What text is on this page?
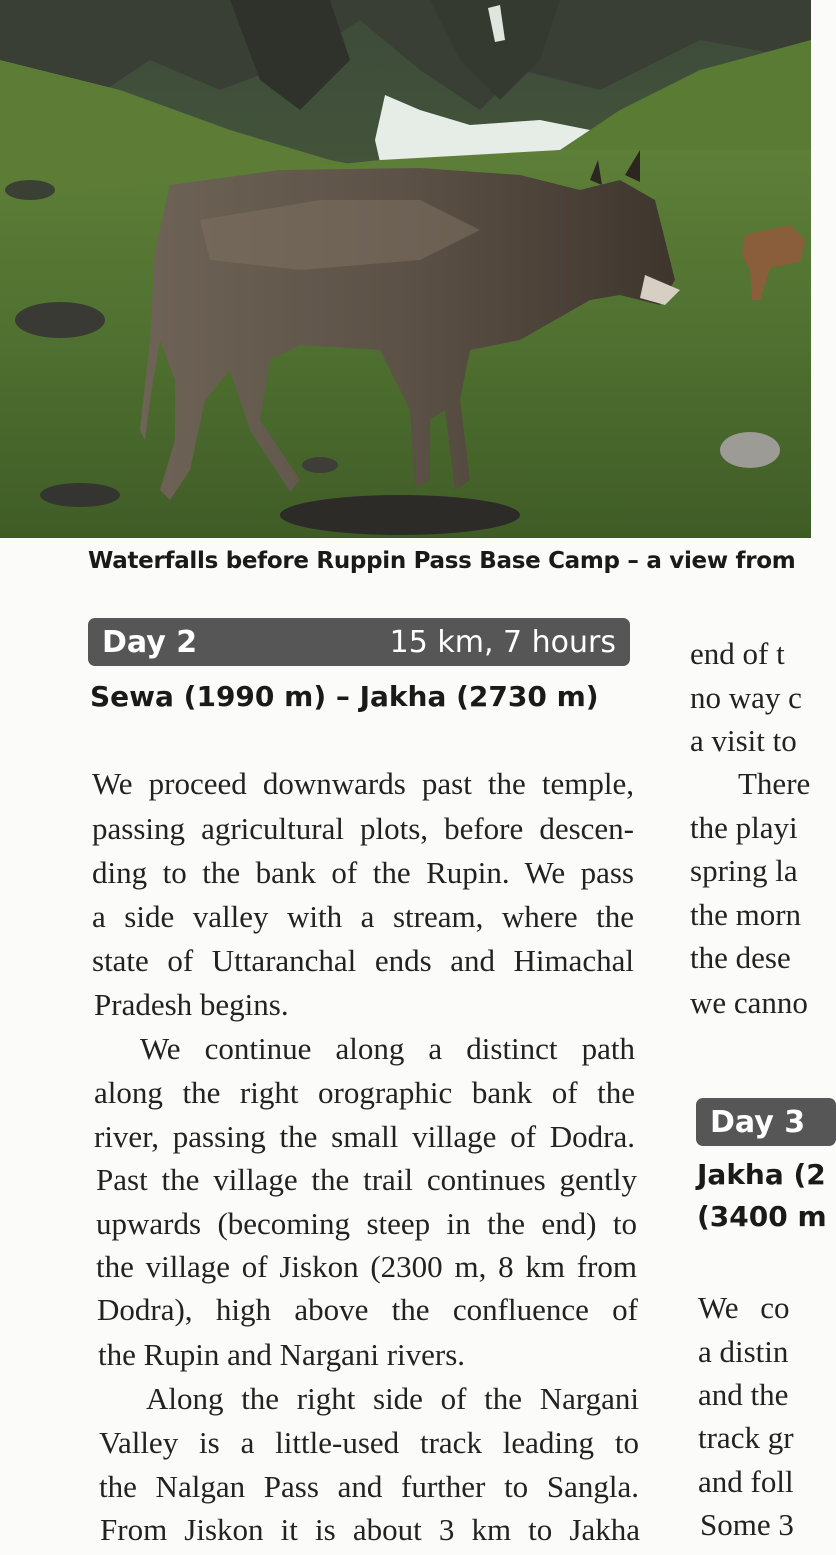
Waterfalls before Ruppin Pass Base Camp – a view from
Day 2	15 km, 7 hours
Sewa (1990 m) – Jakha (2730 m)
We proceed downwards past the temple,
passing agricultural plots, before descen-
ding to the bank of the Rupin. We pass
a side valley with a stream, where the
state of Uttaranchal ends and Himachal
Pradesh begins.
We continue along a distinct path
along the right orographic bank of the
river, passing the small village of Dodra.
Past the village the trail continues gently
upwards (becoming steep in the end) to
the village of Jiskon (2300 m, 8 km from
Dodra), high above the confluence of
the Rupin and Nargani rivers.
Along the right side of the Nargani
Valley is a little-used track leading to
the Nalgan Pass and further to Sangla.
From Jiskon it is about 3 km to Jakha
end of t
no way c
a visit to
There
the playi
spring la
the morn
the dese
we canno
Day 3
Jakha (2
(3400 m
We co
a distin
and the
track gr
and foll
Some 3
